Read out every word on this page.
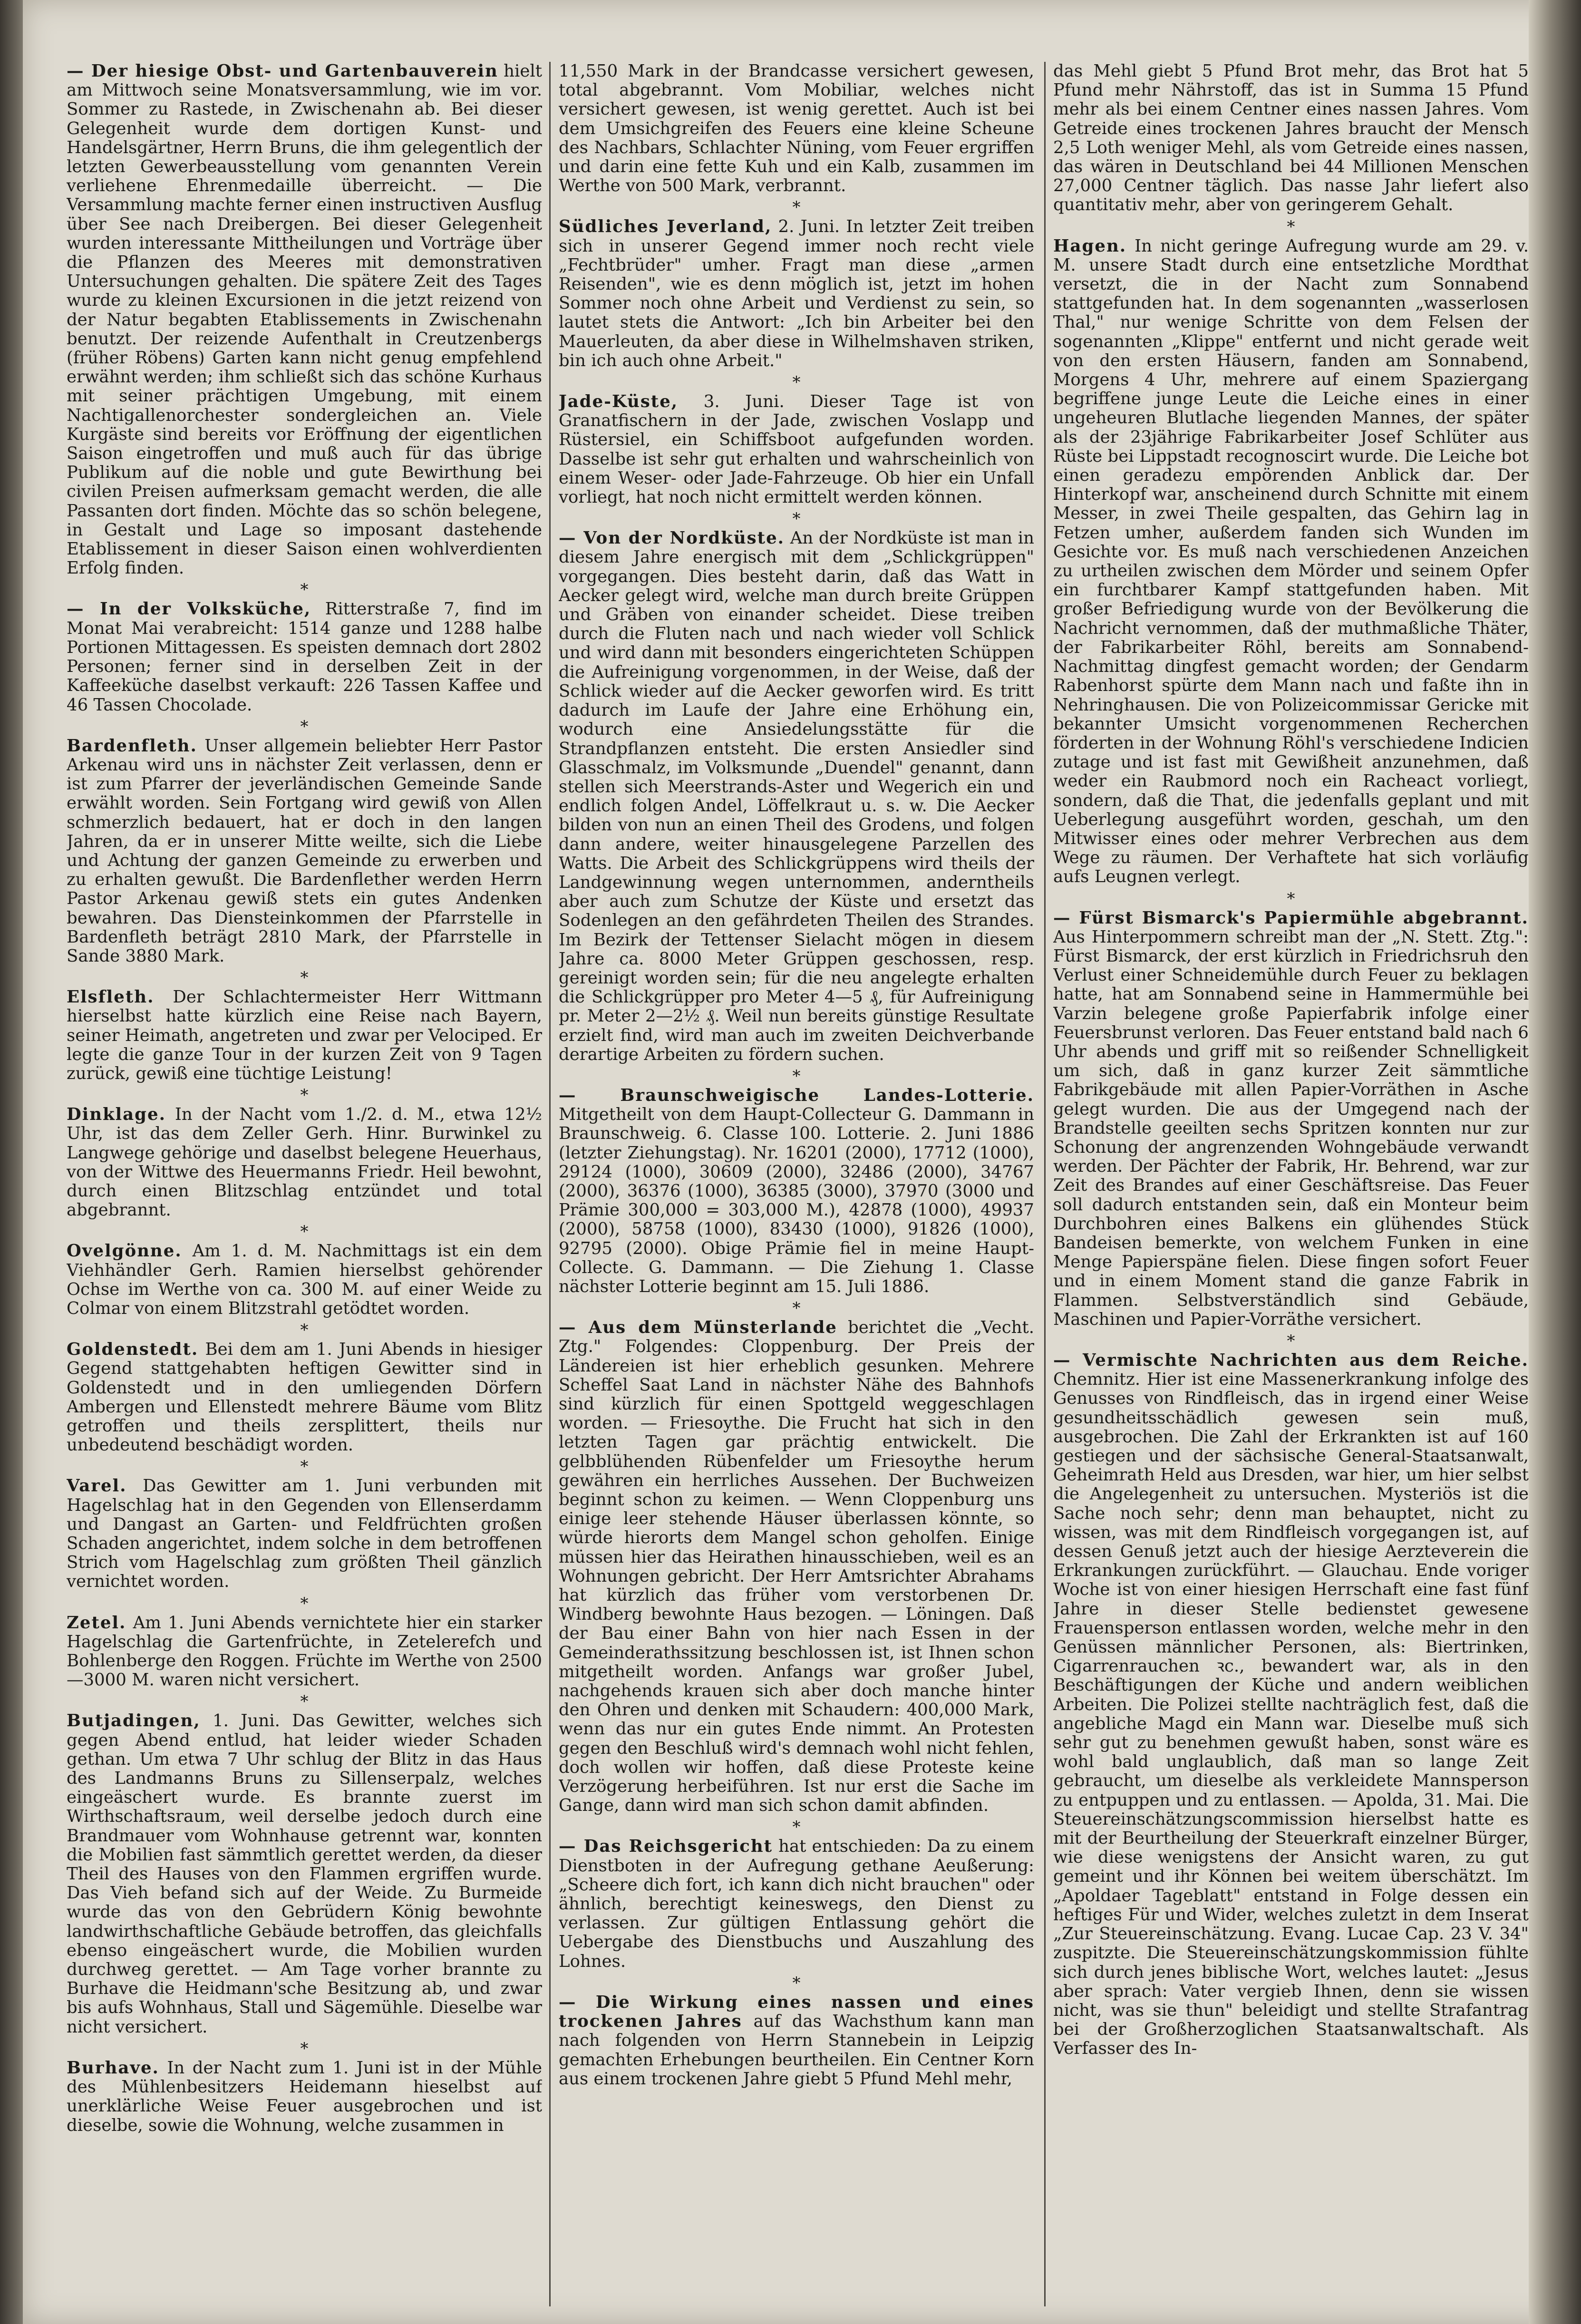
— Der hiesige Obst- und Gartenbauverein hielt am Mittwoch seine Monatsversammlung, wie im vor. Sommer zu Rastede, in Zwischenahn ab. Bei dieser Gelegenheit wurde dem dortigen Kunst- und Handelsgärtner, Herrn Bruns, die ihm gelegentlich der letzten Gewerbeausstellung vom genannten Verein verliehene Ehrenmedaille überreicht. — Die Versammlung machte ferner einen instructiven Ausflug über See nach Dreibergen. Bei dieser Gelegenheit wurden interessante Mittheilungen und Vorträge über die Pflanzen des Meeres mit demonstrativen Untersuchungen gehalten. Die spätere Zeit des Tages wurde zu kleinen Excursionen in die jetzt reizend von der Natur begabten Etablissements in Zwischenahn benutzt. Der reizende Aufenthalt in Creutzenbergs (früher Röbens) Garten kann nicht genug empfehlend erwähnt werden; ihm schließt sich das schöne Kurhaus mit seiner prächtigen Umgebung, mit einem Nachtigallenorchester sondergleichen an. Viele Kurgäste sind bereits vor Eröffnung der eigentlichen Saison eingetroffen und muß auch für das übrige Publikum auf die noble und gute Bewirthung bei civilen Preisen aufmerksam gemacht werden, die alle Passanten dort finden. Möchte das so schön belegene, in Gestalt und Lage so imposant dastehende Etablissement in dieser Saison einen wohlverdienten Erfolg finden.

*

— In der Volksküche, Ritterstraße 7, find im Monat Mai verabreicht: 1514 ganze und 1288 halbe Portionen Mittagessen. Es speisten demnach dort 2802 Personen; ferner sind in derselben Zeit in der Kaffeeküche daselbst verkauft: 226 Tassen Kaffee und 46 Tassen Chocolade.

*

Bardenfleth. Unser allgemein beliebter Herr Pastor Arkenau wird uns in nächster Zeit verlassen, denn er ist zum Pfarrer der jeverländischen Gemeinde Sande erwählt worden. Sein Fortgang wird gewiß von Allen schmerzlich bedauert, hat er doch in den langen Jahren, da er in unserer Mitte weilte, sich die Liebe und Achtung der ganzen Gemeinde zu erwerben und zu erhalten gewußt. Die Bardenflether werden Herrn Pastor Arkenau gewiß stets ein gutes Andenken bewahren. Das Diensteinkommen der Pfarrstelle in Bardenfleth beträgt 2810 Mark, der Pfarrstelle in Sande 3880 Mark.

*

Elsfleth. Der Schlachtermeister Herr Wittmann hierselbst hatte kürzlich eine Reise nach Bayern, seiner Heimath, angetreten und zwar per Velociped. Er legte die ganze Tour in der kurzen Zeit von 9 Tagen zurück, gewiß eine tüchtige Leistung!

*

Dinklage. In der Nacht vom 1./2. d. M., etwa 12½ Uhr, ist das dem Zeller Gerh. Hinr. Burwinkel zu Langwege gehörige und daselbst belegene Heuerhaus, von der Wittwe des Heuermanns Friedr. Heil bewohnt, durch einen Blitzschlag entzündet und total abgebrannt.

*

Ovelgönne. Am 1. d. M. Nachmittags ist ein dem Viehhändler Gerh. Ramien hierselbst gehörender Ochse im Werthe von ca. 300 M. auf einer Weide zu Colmar von einem Blitzstrahl getödtet worden.

*

Goldenstedt. Bei dem am 1. Juni Abends in hiesiger Gegend stattgehabten heftigen Gewitter sind in Goldenstedt und in den umliegenden Dörfern Ambergen und Ellenstedt mehrere Bäume vom Blitz getroffen und theils zersplittert, theils nur unbedeutend beschädigt worden.

*

Varel. Das Gewitter am 1. Juni verbunden mit Hagelschlag hat in den Gegenden von Ellenserdamm und Dangast an Garten- und Feldfrüchten großen Schaden angerichtet, indem solche in dem betroffenen Strich vom Hagelschlag zum größten Theil gänzlich vernichtet worden.

*

Zetel. Am 1. Juni Abends vernichtete hier ein starker Hagelschlag die Gartenfrüchte, in Zetelerefch und Bohlenberge den Roggen. Früchte im Werthe von 2500—3000 M. waren nicht versichert.

*

Butjadingen, 1. Juni. Das Gewitter, welches sich gegen Abend entlud, hat leider wieder Schaden gethan. Um etwa 7 Uhr schlug der Blitz in das Haus des Landmanns Bruns zu Sillenserpalz, welches eingeäschert wurde. Es brannte zuerst im Wirthschaftsraum, weil derselbe jedoch durch eine Brandmauer vom Wohnhause getrennt war, konnten die Mobilien fast sämmtlich gerettet werden, da dieser Theil des Hauses von den Flammen ergriffen wurde. Das Vieh befand sich auf der Weide. Zu Burmeide wurde das von den Gebrüdern König bewohnte landwirthschaftliche Gebäude betroffen, das gleichfalls ebenso eingeäschert wurde, die Mobilien wurden durchweg gerettet. — Am Tage vorher brannte zu Burhave die Heidmann'sche Besitzung ab, und zwar bis aufs Wohnhaus, Stall und Sägemühle. Dieselbe war nicht versichert.

*

Burhave. In der Nacht zum 1. Juni ist in der Mühle des Mühlenbesitzers Heidemann hieselbst auf unerklärliche Weise Feuer ausgebrochen und ist dieselbe, sowie die Wohnung, welche zusammen in

11,550 Mark in der Brandcasse versichert gewesen, total abgebrannt. Vom Mobiliar, welches nicht versichert gewesen, ist wenig gerettet. Auch ist bei dem Umsichgreifen des Feuers eine kleine Scheune des Nachbars, Schlachter Nüning, vom Feuer ergriffen und darin eine fette Kuh und ein Kalb, zusammen im Werthe von 500 Mark, verbrannt.

*

Südliches Jeverland, 2. Juni. In letzter Zeit treiben sich in unserer Gegend immer noch recht viele „Fechtbrüder" umher. Fragt man diese „armen Reisenden", wie es denn möglich ist, jetzt im hohen Sommer noch ohne Arbeit und Verdienst zu sein, so lautet stets die Antwort: „Ich bin Arbeiter bei den Mauerleuten, da aber diese in Wilhelmshaven striken, bin ich auch ohne Arbeit."

*

Jade-Küste, 3. Juni. Dieser Tage ist von Granatfischern in der Jade, zwischen Voslapp und Rüstersiel, ein Schiffsboot aufgefunden worden. Dasselbe ist sehr gut erhalten und wahrscheinlich von einem Weser- oder Jade-Fahrzeuge. Ob hier ein Unfall vorliegt, hat noch nicht ermittelt werden können.

*

— Von der Nordküste. An der Nordküste ist man in diesem Jahre energisch mit dem „Schlickgrüppen" vorgegangen. Dies besteht darin, daß das Watt in Aecker gelegt wird, welche man durch breite Grüppen und Gräben von einander scheidet. Diese treiben durch die Fluten nach und nach wieder voll Schlick und wird dann mit besonders eingerichteten Schüppen die Aufreinigung vorgenommen, in der Weise, daß der Schlick wieder auf die Aecker geworfen wird. Es tritt dadurch im Laufe der Jahre eine Erhöhung ein, wodurch eine Ansiedelungsstätte für die Strandpflanzen entsteht. Die ersten Ansiedler sind Glasschmalz, im Volksmunde „Duendel" genannt, dann stellen sich Meerstrands-Aster und Wegerich ein und endlich folgen Andel, Löffelkraut u. s. w. Die Aecker bilden von nun an einen Theil des Grodens, und folgen dann andere, weiter hinausgelegene Parzellen des Watts. Die Arbeit des Schlickgrüppens wird theils der Landgewinnung wegen unternommen, anderntheils aber auch zum Schutze der Küste und ersetzt das Sodenlegen an den gefährdeten Theilen des Strandes. Im Bezirk der Tettenser Sielacht mögen in diesem Jahre ca. 8000 Meter Grüppen geschossen, resp. gereinigt worden sein; für die neu angelegte erhalten die Schlickgrüpper pro Meter 4—5 ₰, für Aufreinigung pr. Meter 2—2½ ₰. Weil nun bereits günstige Resultate erzielt find, wird man auch im zweiten Deichverbande derartige Arbeiten zu fördern suchen.

*

— Braunschweigische Landes-Lotterie. Mitgetheilt von dem Haupt-Collecteur G. Dammann in Braunschweig. 6. Classe 100. Lotterie. 2. Juni 1886 (letzter Ziehungstag). Nr. 16201 (2000), 17712 (1000), 29124 (1000), 30609 (2000), 32486 (2000), 34767 (2000), 36376 (1000), 36385 (3000), 37970 (3000 und Prämie 300,000 = 303,000 M.), 42878 (1000), 49937 (2000), 58758 (1000), 83430 (1000), 91826 (1000), 92795 (2000). Obige Prämie fiel in meine Haupt-Collecte. G. Dammann. — Die Ziehung 1. Classe nächster Lotterie beginnt am 15. Juli 1886.

*

— Aus dem Münsterlande berichtet die „Vecht. Ztg." Folgendes: Cloppenburg. Der Preis der Ländereien ist hier erheblich gesunken. Mehrere Scheffel Saat Land in nächster Nähe des Bahnhofs sind kürzlich für einen Spottgeld weggeschlagen worden. — Friesoythe. Die Frucht hat sich in den letzten Tagen gar prächtig entwickelt. Die gelbblühenden Rübenfelder um Friesoythe herum gewähren ein herrliches Aussehen. Der Buchweizen beginnt schon zu keimen. — Wenn Cloppenburg uns einige leer stehende Häuser überlassen könnte, so würde hierorts dem Mangel schon geholfen. Einige müssen hier das Heirathen hinausschieben, weil es an Wohnungen gebricht. Der Herr Amtsrichter Abrahams hat kürzlich das früher vom verstorbenen Dr. Windberg bewohnte Haus bezogen. — Löningen. Daß der Bau einer Bahn von hier nach Essen in der Gemeinderathssitzung beschlossen ist, ist Ihnen schon mitgetheilt worden. Anfangs war großer Jubel, nachgehends krauen sich aber doch manche hinter den Ohren und denken mit Schaudern: 400,000 Mark, wenn das nur ein gutes Ende nimmt. An Protesten gegen den Beschluß wird's demnach wohl nicht fehlen, doch wollen wir hoffen, daß diese Proteste keine Verzögerung herbeiführen. Ist nur erst die Sache im Gange, dann wird man sich schon damit abfinden.

*

— Das Reichsgericht hat entschieden: Da zu einem Dienstboten in der Aufregung gethane Aeußerung: „Scheere dich fort, ich kann dich nicht brauchen" oder ähnlich, berechtigt keineswegs, den Dienst zu verlassen. Zur gültigen Entlassung gehört die Uebergabe des Dienstbuchs und Auszahlung des Lohnes.

*

— Die Wirkung eines nassen und eines trockenen Jahres auf das Wachsthum kann man nach folgenden von Herrn Stannebein in Leipzig gemachten Erhebungen beurtheilen. Ein Centner Korn aus einem trockenen Jahre giebt 5 Pfund Mehl mehr,

das Mehl giebt 5 Pfund Brot mehr, das Brot hat 5 Pfund mehr Nährstoff, das ist in Summa 15 Pfund mehr als bei einem Centner eines nassen Jahres. Vom Getreide eines trockenen Jahres braucht der Mensch 2,5 Loth weniger Mehl, als vom Getreide eines nassen, das wären in Deutschland bei 44 Millionen Menschen 27,000 Centner täglich. Das nasse Jahr liefert also quantitativ mehr, aber von geringerem Gehalt.

*

Hagen. In nicht geringe Aufregung wurde am 29. v. M. unsere Stadt durch eine entsetzliche Mordthat versetzt, die in der Nacht zum Sonnabend stattgefunden hat. In dem sogenannten „wasserlosen Thal," nur wenige Schritte von dem Felsen der sogenannten „Klippe" entfernt und nicht gerade weit von den ersten Häusern, fanden am Sonnabend, Morgens 4 Uhr, mehrere auf einem Spaziergang begriffene junge Leute die Leiche eines in einer ungeheuren Blutlache liegenden Mannes, der später als der 23jährige Fabrikarbeiter Josef Schlüter aus Rüste bei Lippstadt recognoscirt wurde. Die Leiche bot einen geradezu empörenden Anblick dar. Der Hinterkopf war, anscheinend durch Schnitte mit einem Messer, in zwei Theile gespalten, das Gehirn lag in Fetzen umher, außerdem fanden sich Wunden im Gesichte vor. Es muß nach verschiedenen Anzeichen zu urtheilen zwischen dem Mörder und seinem Opfer ein furchtbarer Kampf stattgefunden haben. Mit großer Befriedigung wurde von der Bevölkerung die Nachricht vernommen, daß der muthmaßliche Thäter, der Fabrikarbeiter Röhl, bereits am Sonnabend-Nachmittag dingfest gemacht worden; der Gendarm Rabenhorst spürte dem Mann nach und faßte ihn in Nehringhausen. Die von Polizeicommissar Gericke mit bekannter Umsicht vorgenommenen Recherchen förderten in der Wohnung Röhl's verschiedene Indicien zutage und ist fast mit Gewißheit anzunehmen, daß weder ein Raubmord noch ein Racheact vorliegt, sondern, daß die That, die jedenfalls geplant und mit Ueberlegung ausgeführt worden, geschah, um den Mitwisser eines oder mehrer Verbrechen aus dem Wege zu räumen. Der Verhaftete hat sich vorläufig aufs Leugnen verlegt.

*

— Fürst Bismarck's Papiermühle abgebrannt. Aus Hinterpommern schreibt man der „N. Stett. Ztg.": Fürst Bismarck, der erst kürzlich in Friedrichsruh den Verlust einer Schneidemühle durch Feuer zu beklagen hatte, hat am Sonnabend seine in Hammermühle bei Varzin belegene große Papierfabrik infolge einer Feuersbrunst verloren. Das Feuer entstand bald nach 6 Uhr abends und griff mit so reißender Schnelligkeit um sich, daß in ganz kurzer Zeit sämmtliche Fabrikgebäude mit allen Papier-Vorräthen in Asche gelegt wurden. Die aus der Umgegend nach der Brandstelle geeilten sechs Spritzen konnten nur zur Schonung der angrenzenden Wohngebäude verwandt werden. Der Pächter der Fabrik, Hr. Behrend, war zur Zeit des Brandes auf einer Geschäftsreise. Das Feuer soll dadurch entstanden sein, daß ein Monteur beim Durchbohren eines Balkens ein glühendes Stück Bandeisen bemerkte, von welchem Funken in eine Menge Papierspäne fielen. Diese fingen sofort Feuer und in einem Moment stand die ganze Fabrik in Flammen. Selbstverständlich sind Gebäude, Maschinen und Papier-Vorräthe versichert.

*

— Vermischte Nachrichten aus dem Reiche. Chemnitz. Hier ist eine Massenerkrankung infolge des Genusses von Rindfleisch, das in irgend einer Weise gesundheitsschädlich gewesen sein muß, ausgebrochen. Die Zahl der Erkrankten ist auf 160 gestiegen und der sächsische General-Staatsanwalt, Geheimrath Held aus Dresden, war hier, um hier selbst die Angelegenheit zu untersuchen. Mysteriös ist die Sache noch sehr; denn man behauptet, nicht zu wissen, was mit dem Rindfleisch vorgegangen ist, auf dessen Genuß jetzt auch der hiesige Aerzteverein die Erkrankungen zurückführt. — Glauchau. Ende voriger Woche ist von einer hiesigen Herrschaft eine fast fünf Jahre in dieser Stelle bedienstet gewesene Frauensperson entlassen worden, welche mehr in den Genüssen männlicher Personen, als: Biertrinken, Cigarrenrauchen ꝛc., bewandert war, als in den Beschäftigungen der Küche und andern weiblichen Arbeiten. Die Polizei stellte nachträglich fest, daß die angebliche Magd ein Mann war. Dieselbe muß sich sehr gut zu benehmen gewußt haben, sonst wäre es wohl bald unglaublich, daß man so lange Zeit gebraucht, um dieselbe als verkleidete Mannsperson zu entpuppen und zu entlassen. — Apolda, 31. Mai. Die Steuereinschätzungscommission hierselbst hatte es mit der Beurtheilung der Steuerkraft einzelner Bürger, wie diese wenigstens der Ansicht waren, zu gut gemeint und ihr Können bei weitem überschätzt. Im „Apoldaer Tageblatt" entstand in Folge dessen ein heftiges Für und Wider, welches zuletzt in dem Inserat „Zur Steuereinschätzung. Evang. Lucae Cap. 23 V. 34" zuspitzte. Die Steuereinschätzungskommission fühlte sich durch jenes biblische Wort, welches lautet: „Jesus aber sprach: Vater vergieb Ihnen, denn sie wissen nicht, was sie thun" beleidigt und stellte Strafantrag bei der Großherzoglichen Staatsanwaltschaft. Als Verfasser des In-
